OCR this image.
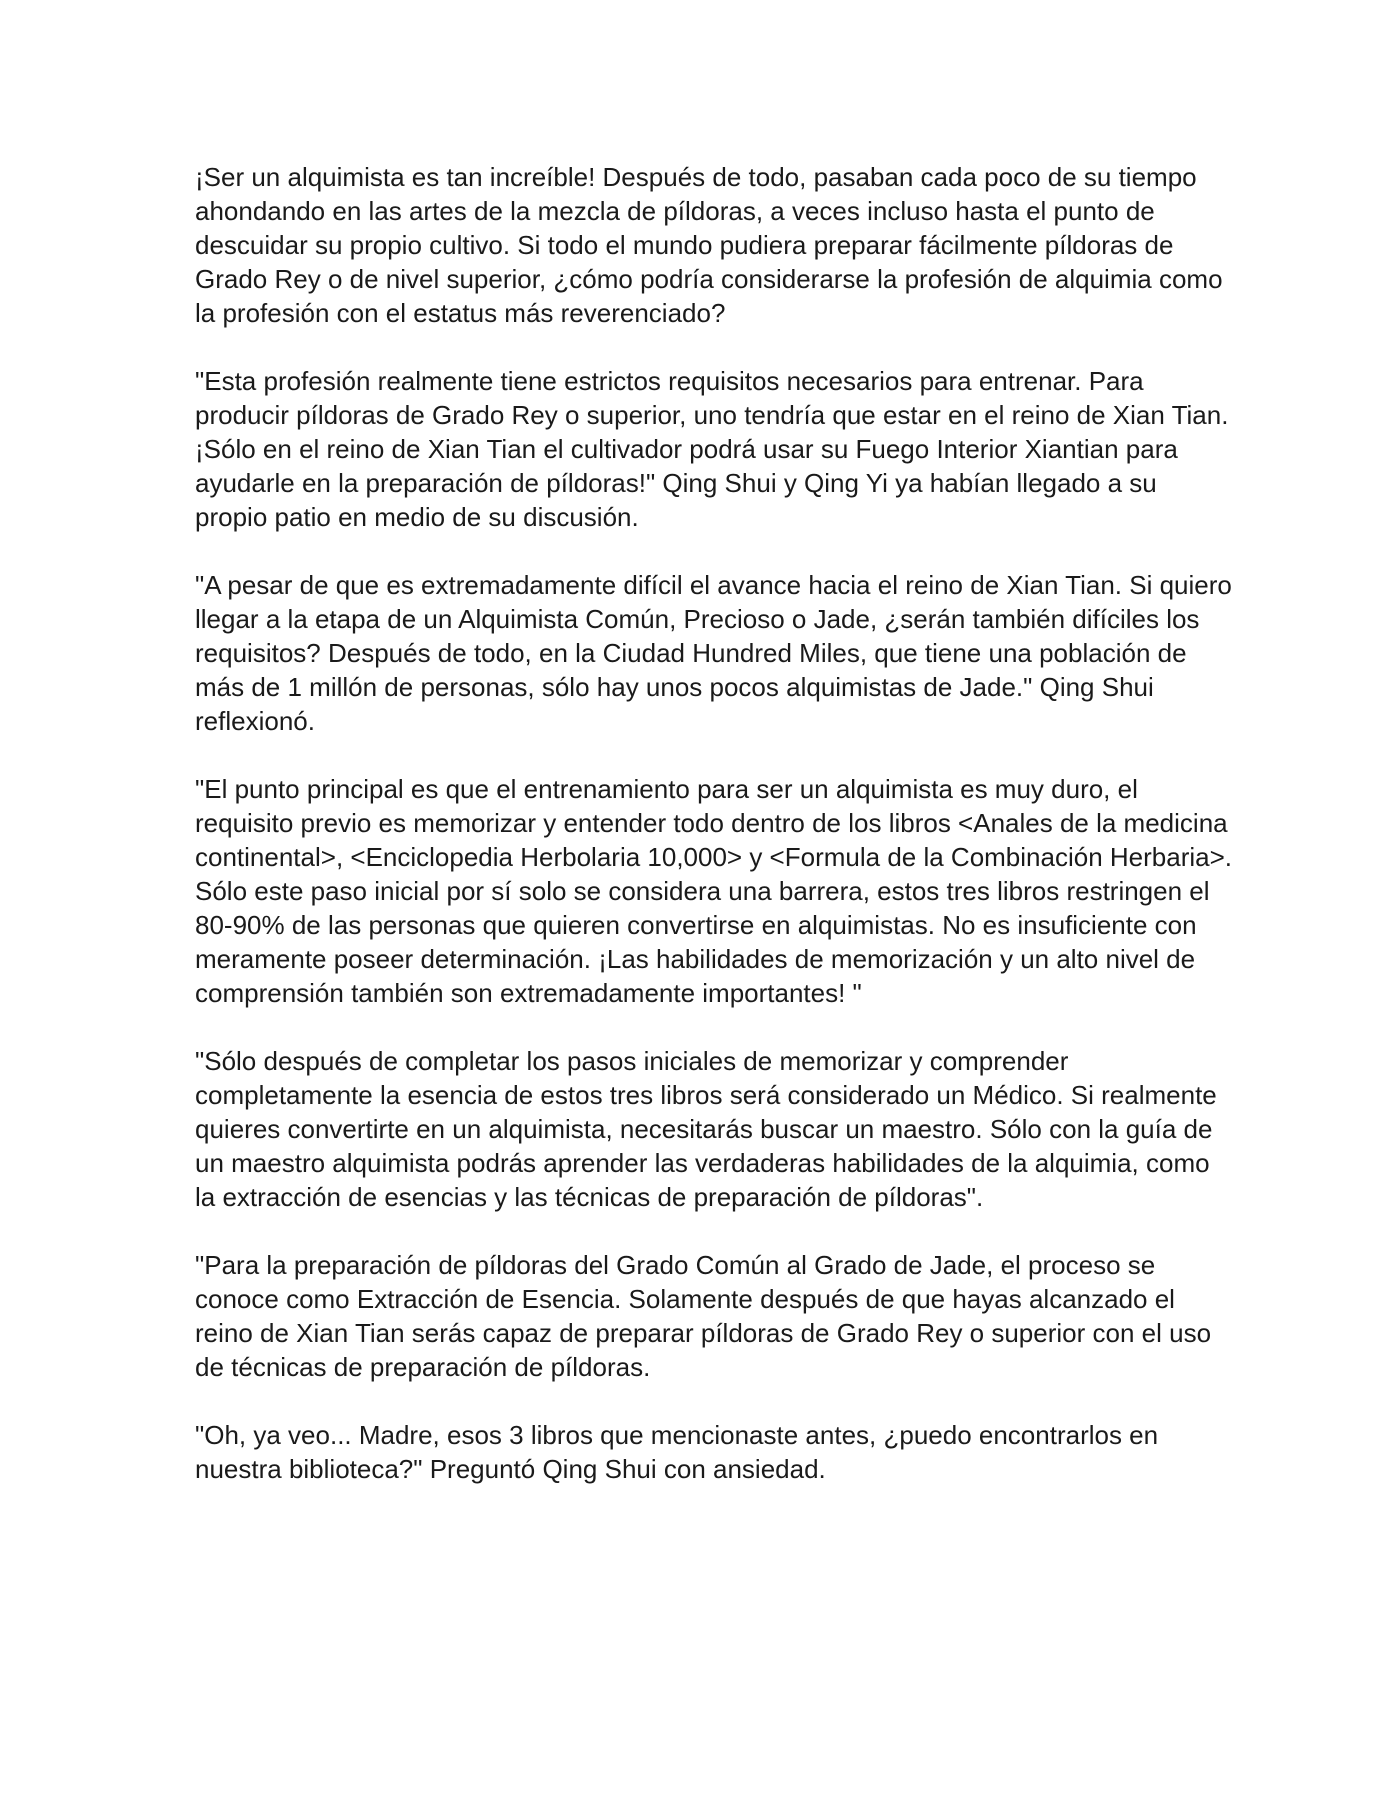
¡Ser un alquimista es tan increíble! Después de todo, pasaban cada poco de su tiempo ahondando en las artes de la mezcla de píldoras, a veces incluso hasta el punto de descuidar su propio cultivo. Si todo el mundo pudiera preparar fácilmente píldoras de Grado Rey o de nivel superior, ¿cómo podría considerarse la profesión de alquimia como la profesión con el estatus más reverenciado?

"Esta profesión realmente tiene estrictos requisitos necesarios para entrenar. Para producir píldoras de Grado Rey o superior, uno tendría que estar en el reino de Xian Tian. ¡Sólo en el reino de Xian Tian el cultivador podrá usar su Fuego Interior Xiantian para ayudarle en la preparación de píldoras!" Qing Shui y Qing Yi ya habían llegado a su propio patio en medio de su discusión.

"A pesar de que es extremadamente difícil el avance hacia el reino de Xian Tian. Si quiero llegar a la etapa de un Alquimista Común, Precioso o Jade, ¿serán también difíciles los requisitos? Después de todo, en la Ciudad Hundred Miles, que tiene una población de más de 1 millón de personas, sólo hay unos pocos alquimistas de Jade." Qing Shui reflexionó.

"El punto principal es que el entrenamiento para ser un alquimista es muy duro, el requisito previo es memorizar y entender todo dentro de los libros <Anales de la medicina continental>, <Enciclopedia Herbolaria 10,000> y <Formula de la Combinación Herbaria>. Sólo este paso inicial por sí solo se considera una barrera, estos tres libros restringen el 80-90% de las personas que quieren convertirse en alquimistas. No es insuficiente con meramente poseer determinación. ¡Las habilidades de memorización y un alto nivel de comprensión también son extremadamente importantes! "

"Sólo después de completar los pasos iniciales de memorizar y comprender completamente la esencia de estos tres libros será considerado un Médico. Si realmente quieres convertirte en un alquimista, necesitarás buscar un maestro. Sólo con la guía de un maestro alquimista podrás aprender las verdaderas habilidades de la alquimia, como la extracción de esencias y las técnicas de preparación de píldoras".

"Para la preparación de píldoras del Grado Común al Grado de Jade, el proceso se conoce como Extracción de Esencia. Solamente después de que hayas alcanzado el reino de Xian Tian serás capaz de preparar píldoras de Grado Rey o superior con el uso de técnicas de preparación de píldoras.

"Oh, ya veo... Madre, esos 3 libros que mencionaste antes, ¿puedo encontrarlos en nuestra biblioteca?" Preguntó Qing Shui con ansiedad.
